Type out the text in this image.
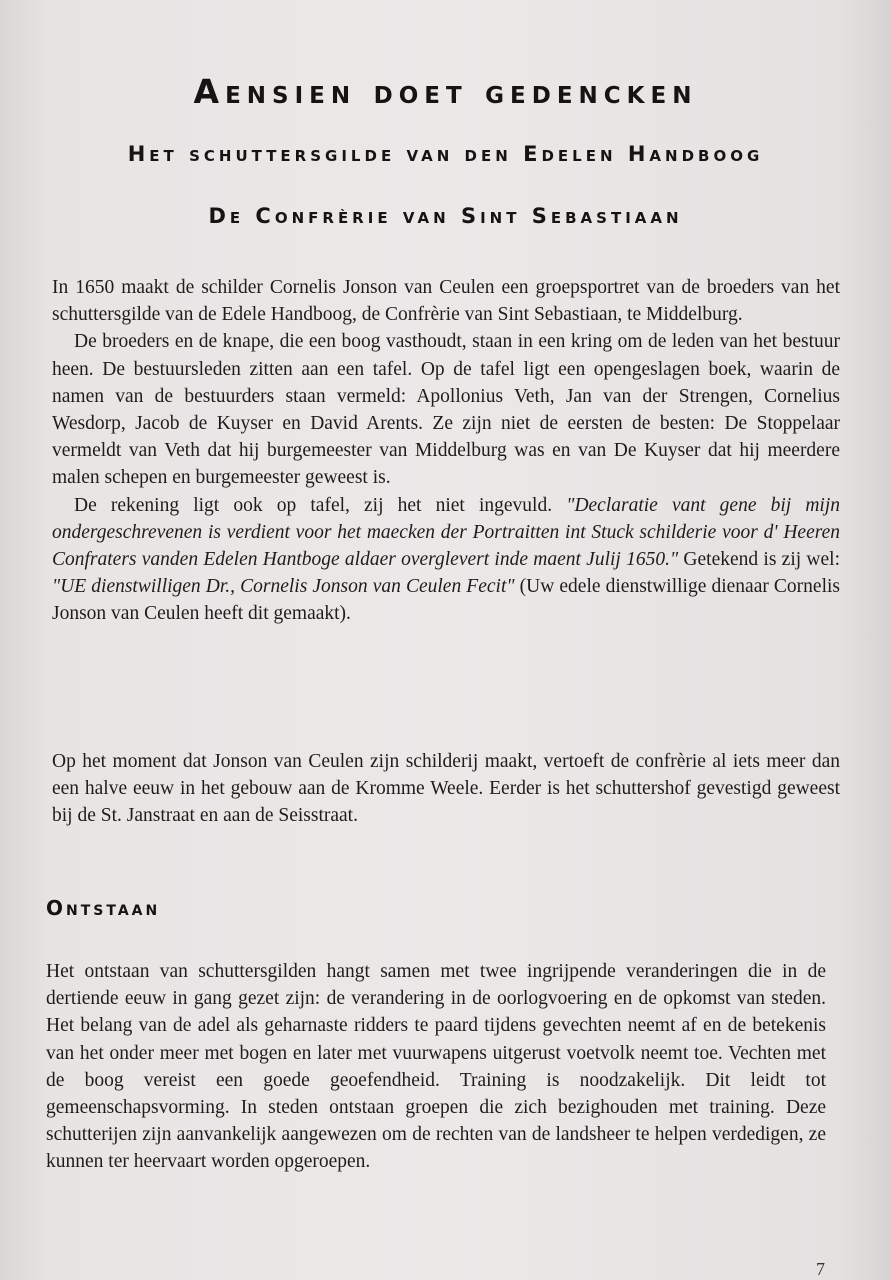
Aensien doet gedencken
Het schuttersgilde van den Edelen Handboog
De Confrèrie van Sint Sebastiaan

In 1650 maakt de schilder Cornelis Jonson van Ceulen een groepsportret van de broeders van het schuttersgilde van de Edele Handboog, de Confrèrie van Sint Sebastiaan, te Middelburg.

De broeders en de knape, die een boog vasthoudt, staan in een kring om de leden van het bestuur heen. De bestuursleden zitten aan een tafel. Op de tafel ligt een opengeslagen boek, waarin de namen van de bestuurders staan vermeld: Apollonius Veth, Jan van der Strengen, Cornelius Wesdorp, Jacob de Kuyser en David Arents. Ze zijn niet de eersten de besten: De Stoppelaar vermeldt van Veth dat hij burgemeester van Middelburg was en van De Kuyser dat hij meerdere malen schepen en burgemeester geweest is.

De rekening ligt ook op tafel, zij het niet ingevuld. "Declaratie vant gene bij mijn ondergeschrevenen is verdient voor het maecken der Portraitten int Stuck schilderie voor d' Heeren Confraters vanden Edelen Hantboge aldaer overglevert inde maent Julij 1650." Getekend is zij wel: "UE dienstwilligen Dr., Cornelis Jonson van Ceulen Fecit" (Uw edele dienstwillige dienaar Cornelis Jonson van Ceulen heeft dit gemaakt).

Op het moment dat Jonson van Ceulen zijn schilderij maakt, vertoeft de confrèrie al iets meer dan een halve eeuw in het gebouw aan de Kromme Weele. Eerder is het schuttershof gevestigd geweest bij de St. Janstraat en aan de Seisstraat.
Ontstaan
Het ontstaan van schuttersgilden hangt samen met twee ingrijpende veranderingen die in de dertiende eeuw in gang gezet zijn: de verandering in de oorlogvoering en de opkomst van steden. Het belang van de adel als geharnaste ridders te paard tijdens gevechten neemt af en de betekenis van het onder meer met bogen en later met vuurwapens uitgerust voetvolk neemt toe. Vechten met de boog vereist een goede geoefendheid. Training is noodzakelijk. Dit leidt tot gemeenschapsvorming. In steden ontstaan groepen die zich bezighouden met training. Deze schutterijen zijn aanvankelijk aangewezen om de rechten van de landsheer te helpen verdedigen, ze kunnen ter heervaart worden opgeroepen.
7
